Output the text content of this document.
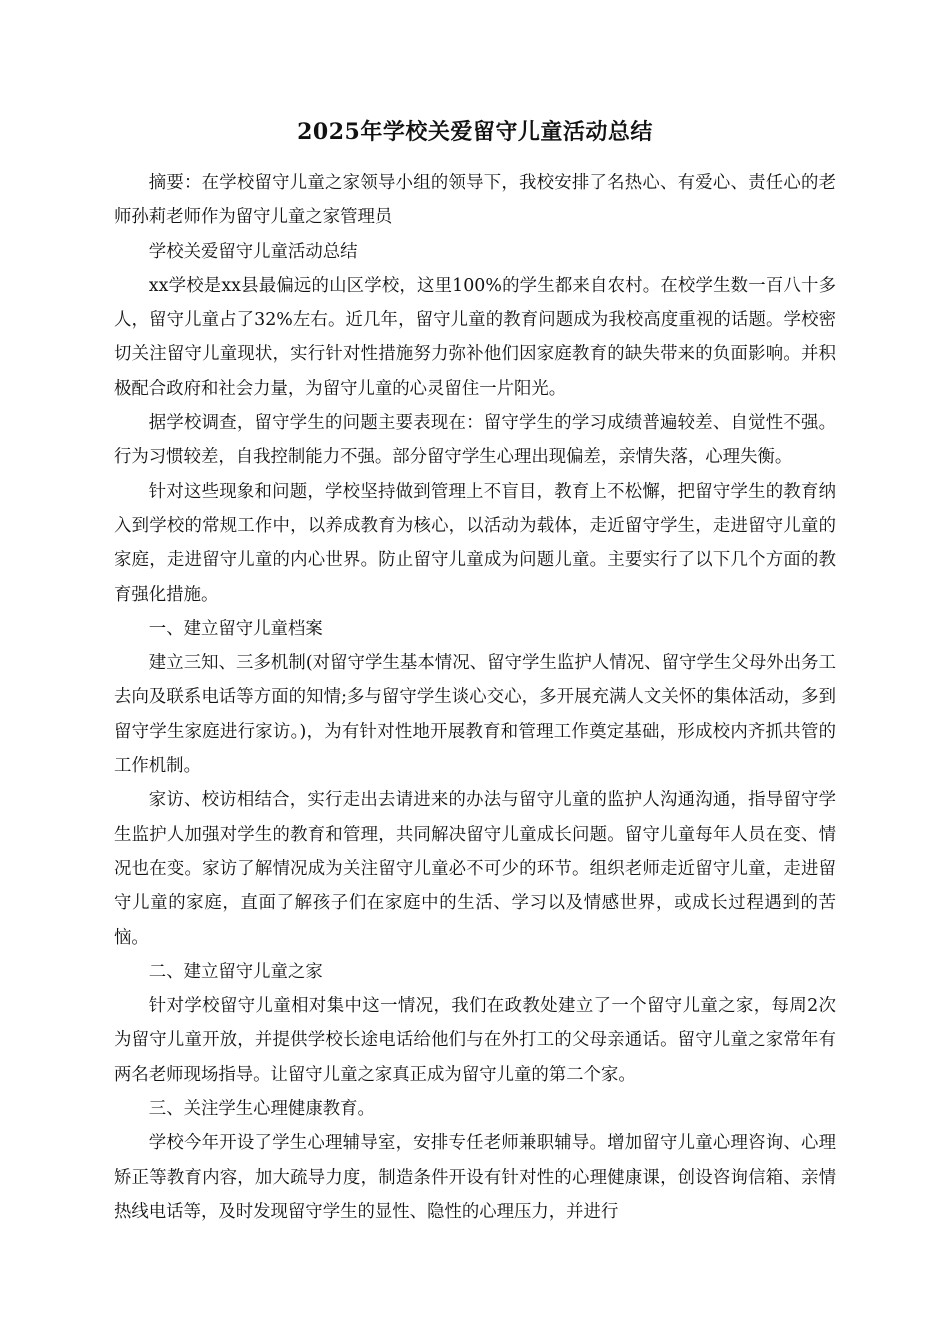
2025年学校关爱留守儿童活动总结

摘要：在学校留守儿童之家领导小组的领导下，我校安排了名热心、有爱心、责任心的老师孙莉老师作为留守儿童之家管理员

学校关爱留守儿童活动总结

xx学校是xx县最偏远的山区学校，这里100%的学生都来自农村。在校学生数一百八十多人，留守儿童占了32%左右。近几年，留守儿童的教育问题成为我校高度重视的话题。学校密切关注留守儿童现状，实行针对性措施努力弥补他们因家庭教育的缺失带来的负面影响。并积极配合政府和社会力量，为留守儿童的心灵留住一片阳光。

据学校调查，留守学生的问题主要表现在：留守学生的学习成绩普遍较差、自觉性不强。行为习惯较差，自我控制能力不强。部分留守学生心理出现偏差，亲情失落，心理失衡。

针对这些现象和问题，学校坚持做到管理上不盲目，教育上不松懈，把留守学生的教育纳入到学校的常规工作中，以养成教育为核心，以活动为载体，走近留守学生，走进留守儿童的家庭，走进留守儿童的内心世界。防止留守儿童成为问题儿童。主要实行了以下几个方面的教育强化措施。

一、建立留守儿童档案

建立三知、三多机制(对留守学生基本情况、留守学生监护人情况、留守学生父母外出务工去向及联系电话等方面的知情;多与留守学生谈心交心，多开展充满人文关怀的集体活动，多到留守学生家庭进行家访。)，为有针对性地开展教育和管理工作奠定基础，形成校内齐抓共管的工作机制。

家访、校访相结合，实行走出去请进来的办法与留守儿童的监护人沟通沟通，指导留守学生监护人加强对学生的教育和管理，共同解决留守儿童成长问题。留守儿童每年人员在变、情况也在变。家访了解情况成为关注留守儿童必不可少的环节。组织老师走近留守儿童，走进留守儿童的家庭，直面了解孩子们在家庭中的生活、学习以及情感世界，或成长过程遇到的苦恼。

二、建立留守儿童之家

针对学校留守儿童相对集中这一情况，我们在政教处建立了一个留守儿童之家，每周2次为留守儿童开放，并提供学校长途电话给他们与在外打工的父母亲通话。留守儿童之家常年有两名老师现场指导。让留守儿童之家真正成为留守儿童的第二个家。

三、关注学生心理健康教育。

学校今年开设了学生心理辅导室，安排专任老师兼职辅导。增加留守儿童心理咨询、心理矫正等教育内容，加大疏导力度，制造条件开设有针对性的心理健康课，创设咨询信箱、亲情热线电话等，及时发现留守学生的显性、隐性的心理压力，并进行
